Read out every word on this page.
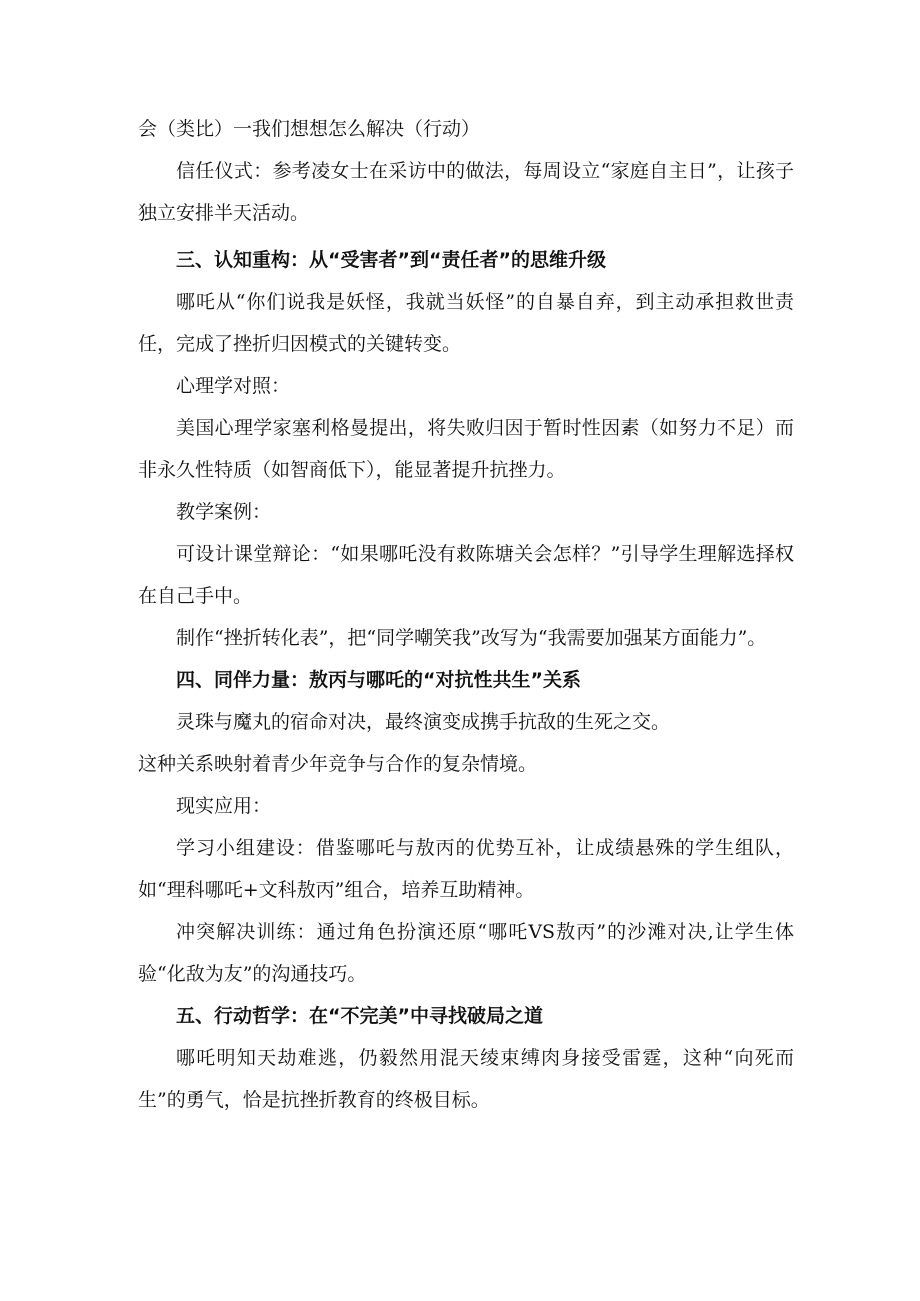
会（类比）一我们想想怎么解决（行动）

信任仪式：参考凌女士在采访中的做法，每周设立“家庭自主日”，让孩子独立安排半天活动。

三、认知重构：从“受害者”到“责任者”的思维升级

哪吒从“你们说我是妖怪，我就当妖怪”的自暴自弃，到主动承担救世责任，完成了挫折归因模式的关键转变。

心理学对照：

美国心理学家塞利格曼提出，将失败归因于暂时性因素（如努力不足）而非永久性特质（如智商低下），能显著提升抗挫力。

教学案例：

可设计课堂辩论：“如果哪吒没有救陈塘关会怎样？”引导学生理解选择权在自己手中。

制作“挫折转化表”，把“同学嘲笑我”改写为“我需要加强某方面能力”。

四、同伴力量：敖丙与哪吒的“对抗性共生”关系

灵珠与魔丸的宿命对决，最终演变成携手抗敌的生死之交。

这种关系映射着青少年竞争与合作的复杂情境。

现实应用：

学习小组建设：借鉴哪吒与敖丙的优势互补，让成绩悬殊的学生组队，如“理科哪吒+文科敖丙”组合，培养互助精神。

冲突解决训练：通过角色扮演还原“哪吒VS敖丙”的沙滩对决,让学生体验“化敌为友”的沟通技巧。

五、行动哲学：在“不完美”中寻找破局之道

哪吒明知天劫难逃，仍毅然用混天绫束缚肉身接受雷霆，这种“向死而生”的勇气，恰是抗挫折教育的终极目标。
